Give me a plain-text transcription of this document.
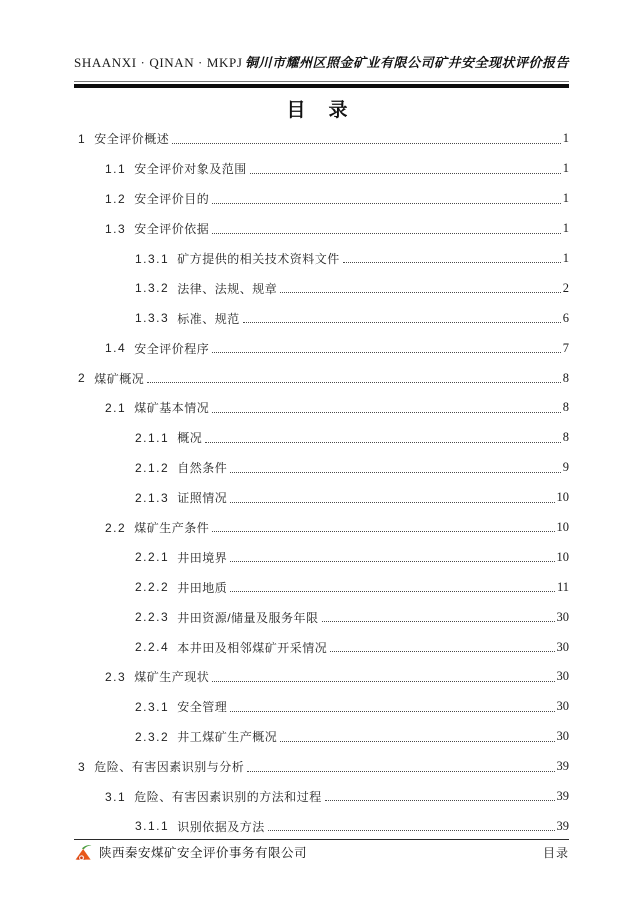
SHAANXI · QINAN · MKPJ 铜川市耀州区照金矿业有限公司矿井安全现状评价报告
目　录
1 安全评价概述	1
1.1 安全评价对象及范围	1
1.2 安全评价目的	1
1.3 安全评价依据	1
1.3.1 矿方提供的相关技术资料文件	1
1.3.2 法律、法规、规章	2
1.3.3 标准、规范	6
1.4 安全评价程序	7
2 煤矿概况	8
2.1 煤矿基本情况	8
2.1.1 概况	8
2.1.2 自然条件	9
2.1.3 证照情况	10
2.2 煤矿生产条件	10
2.2.1 井田境界	10
2.2.2 井田地质	11
2.2.3 井田资源/储量及服务年限	30
2.2.4 本井田及相邻煤矿开采情况	30
2.3 煤矿生产现状	30
2.3.1 安全管理	30
2.3.2 井工煤矿生产概况	30
3 危险、有害因素识别与分析	39
3.1 危险、有害因素识别的方法和过程	39
3.1.1 识别依据及方法	39
陕西秦安煤矿安全评价事务有限公司	目录
